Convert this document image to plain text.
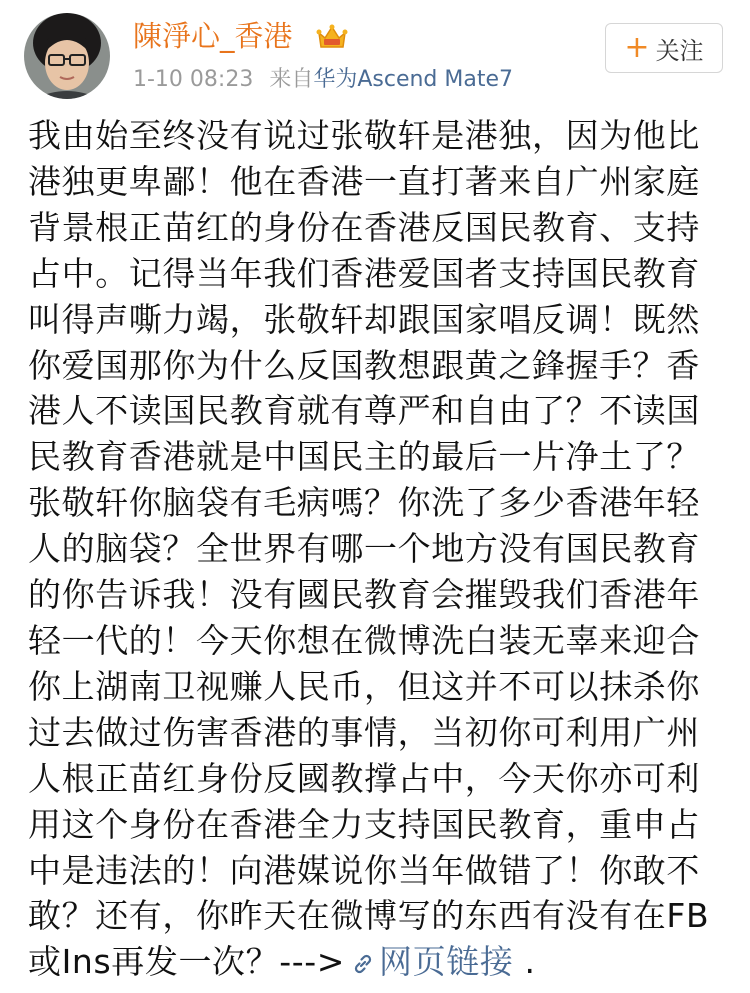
陳淨心_香港
1-10 08:23 来自华为Ascend Mate7
+ 关注

我由始至终没有说过张敬轩是港独，因为他比

港独更卑鄙！他在香港一直打著来自广州家庭

背景根正苗红的身份在香港反国民教育、支持

占中。记得当年我们香港爱国者支持国民教育

叫得声嘶力竭，张敬轩却跟国家唱反调！既然

你爱国那你为什么反国教想跟黄之鋒握手？香

港人不读国民教育就有尊严和自由了？不读国

民教育香港就是中国民主的最后一片净土了？

张敬轩你脑袋有毛病嗎？你洗了多少香港年轻

人的脑袋？全世界有哪一个地方没有国民教育

的你告诉我！没有國民教育会摧毁我们香港年

轻一代的！今天你想在微博洗白装无辜来迎合

你上湖南卫视赚人民币，但这并不可以抹杀你

过去做过伤害香港的事情，当初你可利用广州

人根正苗红身份反國教撑占中，今天你亦可利

用这个身份在香港全力支持国民教育，重申占

中是违法的！向港媒说你当年做错了！你敢不

敢？还有，你昨天在微博写的东西有没有在FB

或Ins再发一次？---> 网页链接 .
